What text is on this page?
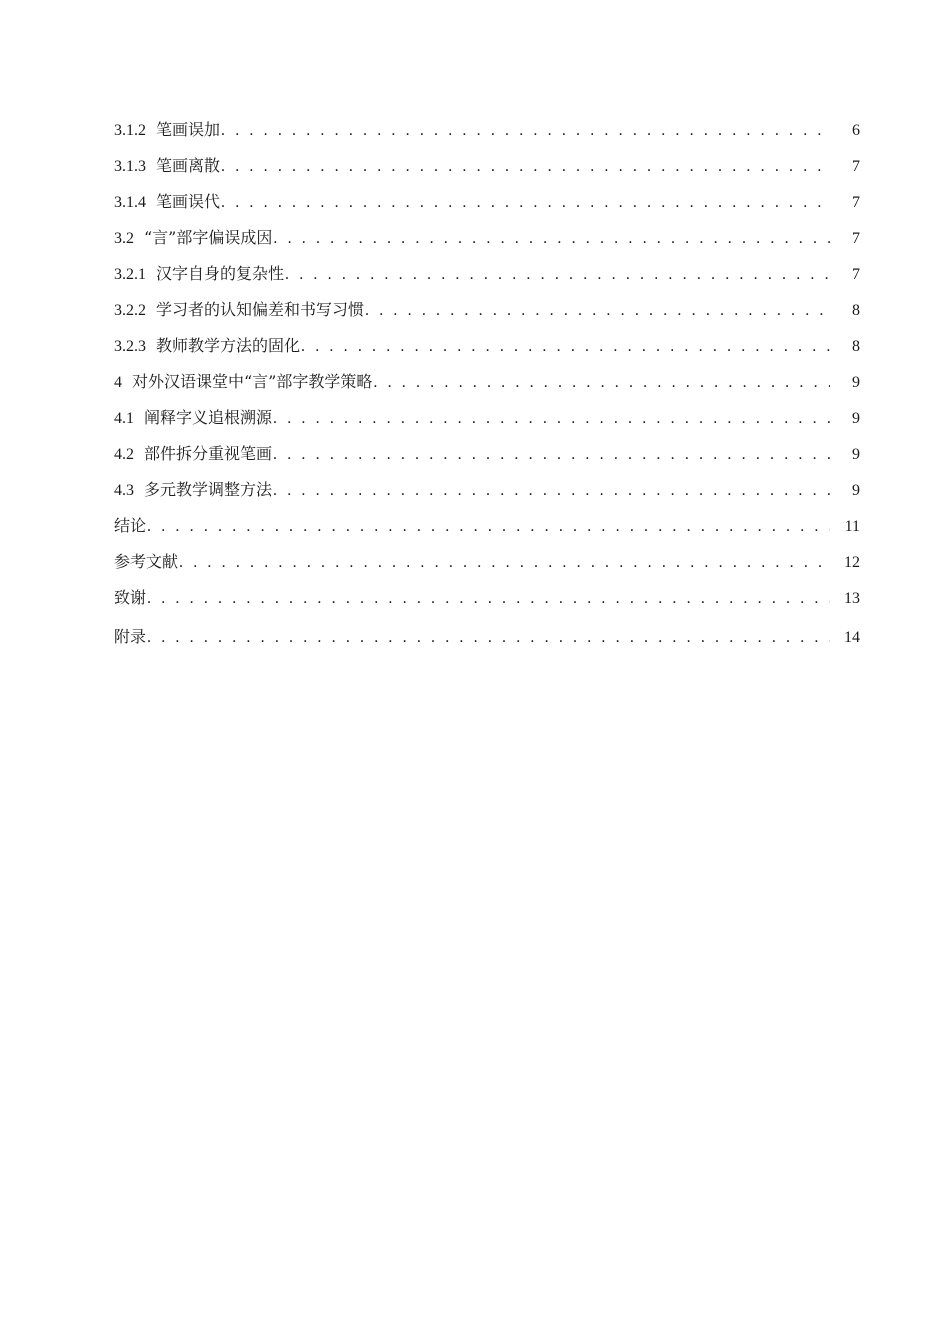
3.1.2 笔画误加 . . .	6
3.1.3 笔画离散 . . .	7
3.1.4 笔画误代 . . .	7
3.2 “言”部字偏误成因 . . .	7
3.2.1 汉字自身的复杂性 . . .	7
3.2.2 学习者的认知偏差和书写习惯 . . .	8
3.2.3 教师教学方法的固化 . . .	8
4 对外汉语课堂中“言”部字教学策略 . . .	9
4.1 阐释字义追根溯源 . . .	9
4.2 部件拆分重视笔画 . . .	9
4.3 多元教学调整方法 . . .	9
结论 . . .	11
参考文献 . . .	12
致谢 . . .	13
附录 . . .	14
